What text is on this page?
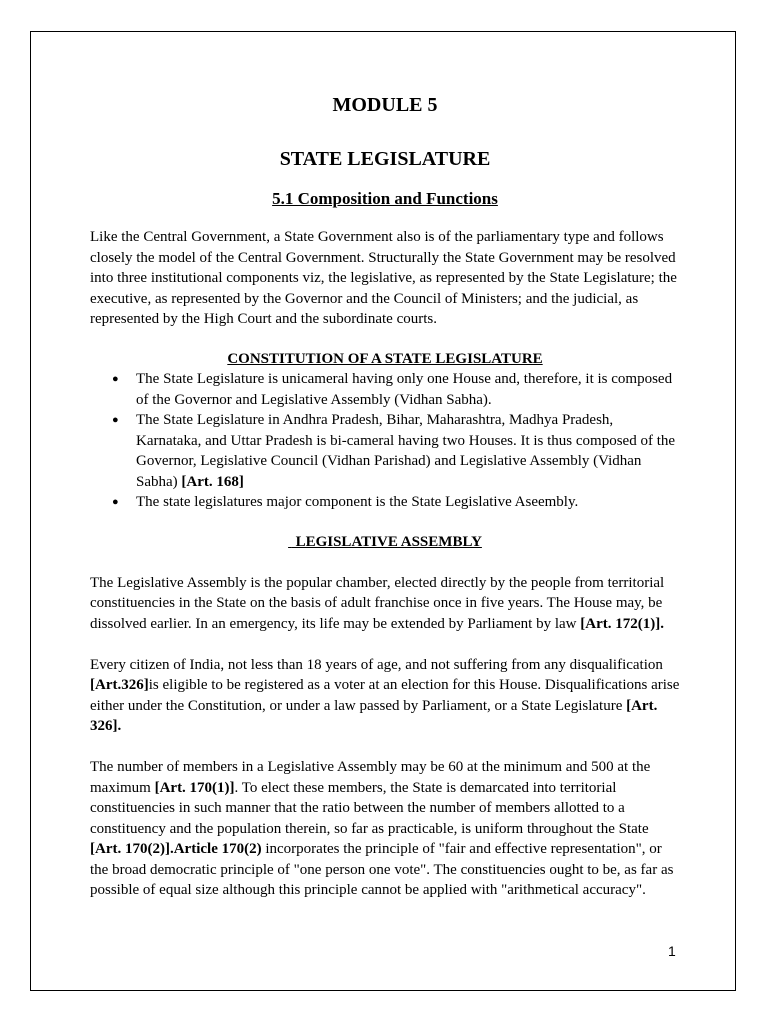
MODULE 5
STATE LEGISLATURE
5.1 Composition and Functions

Like the Central Government, a State Government also is of the parliamentary type and follows closely the model of the Central Government. Structurally the State Government may be resolved into three institutional components viz, the legislative, as represented by the State Legislature; the executive, as represented by the Governor and the Council of Ministers; and the judicial, as represented by the High Court and the subordinate courts.

CONSTITUTION OF A STATE LEGISLATURE
● The State Legislature is unicameral having only one House and, therefore, it is composed of the Governor and Legislative Assembly (Vidhan Sabha).
● The State Legislature in Andhra Pradesh, Bihar, Maharashtra, Madhya Pradesh, Karnataka, and Uttar Pradesh is bi-cameral having two Houses. It is thus composed of the Governor, Legislative Council (Vidhan Parishad) and Legislative Assembly (Vidhan Sabha) [Art. 168]
● The state legislatures major component is the State Legislative Aseembly.
LEGISLATIVE ASSEMBLY

The Legislative Assembly is the popular chamber, elected directly by the people from territorial constituencies in the State on the basis of adult franchise once in five years. The House may, be dissolved earlier. In an emergency, its life may be extended by Parliament by law [Art. 172(1)].

Every citizen of India, not less than 18 years of age, and not suffering from any disqualification [Art.326]is eligible to be registered as a voter at an election for this House. Disqualifications arise either under the Constitution, or under a law passed by Parliament, or a State Legislature [Art. 326].

The number of members in a Legislative Assembly may be 60 at the minimum and 500 at the maximum [Art. 170(1)]. To elect these members, the State is demarcated into territorial constituencies in such manner that the ratio between the number of members allotted to a constituency and the population therein, so far as practicable, is uniform throughout the State [Art. 170(2)].Article 170(2) incorporates the principle of "fair and effective representation", or the broad democratic principle of "one person one vote". The constituencies ought to be, as far as possible of equal size although this principle cannot be applied with "arithmetical accuracy".

1
